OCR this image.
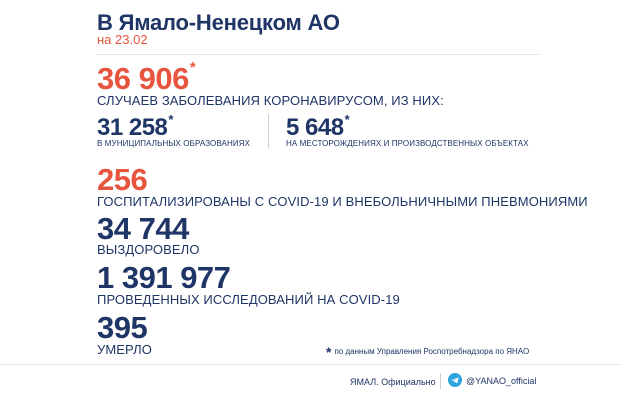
В Ямало-Ненецком АО
на 23.02
36 906*
СЛУЧАЕВ ЗАБОЛЕВАНИЯ КОРОНАВИРУСОМ, ИЗ НИХ:
31 258*
В МУНИЦИПАЛЬНЫХ ОБРАЗОВАНИЯХ
5 648*
НА МЕСТОРОЖДЕНИЯХ И ПРОИЗВОДСТВЕННЫХ ОБЪЕКТАХ
256
ГОСПИТАЛИЗИРОВАНЫ С COVID-19 И ВНЕБОЛЬНИЧНЫМИ ПНЕВМОНИЯМИ
34 744
ВЫЗДОРОВЕЛО
1 391 977
ПРОВЕДЕННЫХ ИССЛЕДОВАНИЙ НА COVID-19
395
УМЕРЛО	* по данным Управления Роспотребнадзора по ЯНАО
ЯМАЛ. Официально	@YANAO_official
